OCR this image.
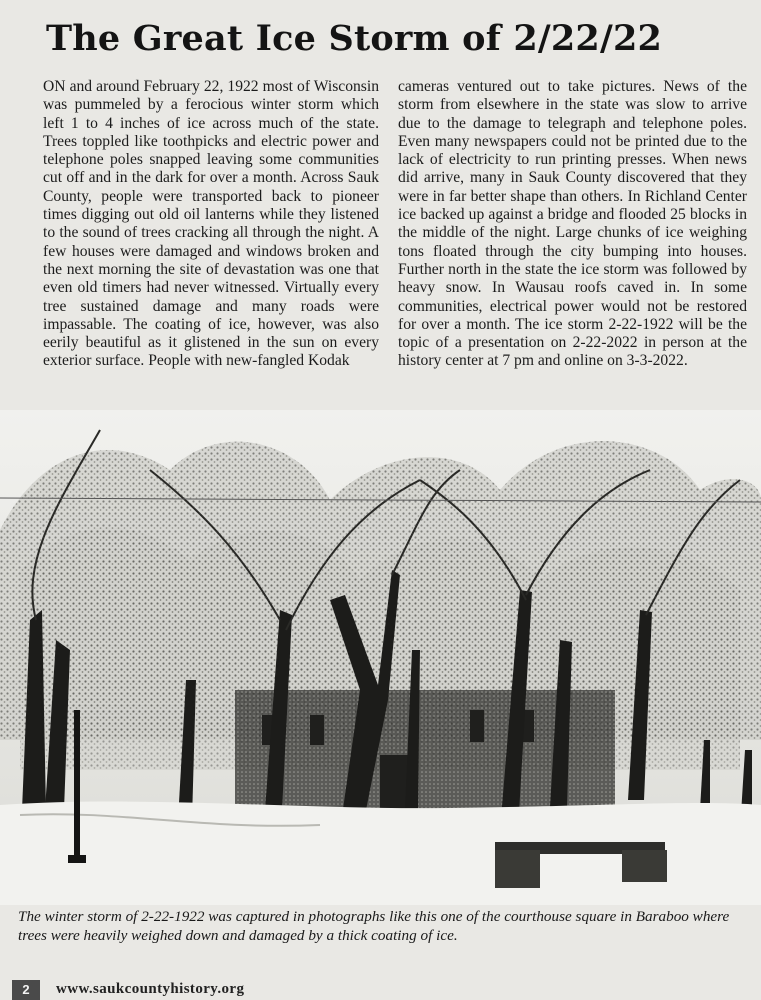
The Great Ice Storm of 2/22/22
ON and around February 22, 1922 most of Wisconsin was pummeled by a ferocious winter storm which left 1 to 4 inches of ice across much of the state. Trees toppled like toothpicks and electric power and telephone poles snapped leaving some communities cut off and in the dark for over a month. Across Sauk County, people were transported back to pioneer times digging out old oil lanterns while they listened to the sound of trees cracking all through the night. A few houses were damaged and windows broken and the next morning the site of devastation was one that even old timers had never witnessed. Virtually every tree sustained damage and many roads were impassable. The coating of ice, however, was also eerily beautiful as it glistened in the sun on every exterior surface. People with new-fangled Kodak
cameras ventured out to take pictures. News of the storm from elsewhere in the state was slow to arrive due to the damage to telegraph and telephone poles. Even many newspapers could not be printed due to the lack of electricity to run printing presses. When news did arrive, many in Sauk County discovered that they were in far better shape than others. In Richland Center ice backed up against a bridge and flooded 25 blocks in the middle of the night. Large chunks of ice weighing tons floated through the city bumping into houses. Further north in the state the ice storm was followed by heavy snow. In Wausau roofs caved in. In some communities, electrical power would not be restored for over a month. The ice storm 2-22-1922 will be the topic of a presentation on 2-22-2022 in person at the history center at 7 pm and online on 3-3-2022.
The winter storm of 2-22-1922 was captured in photographs like this one of the courthouse square in Baraboo where trees were heavily weighed down and damaged by a thick coating of ice.
2	www.saukcountyhistory.org
